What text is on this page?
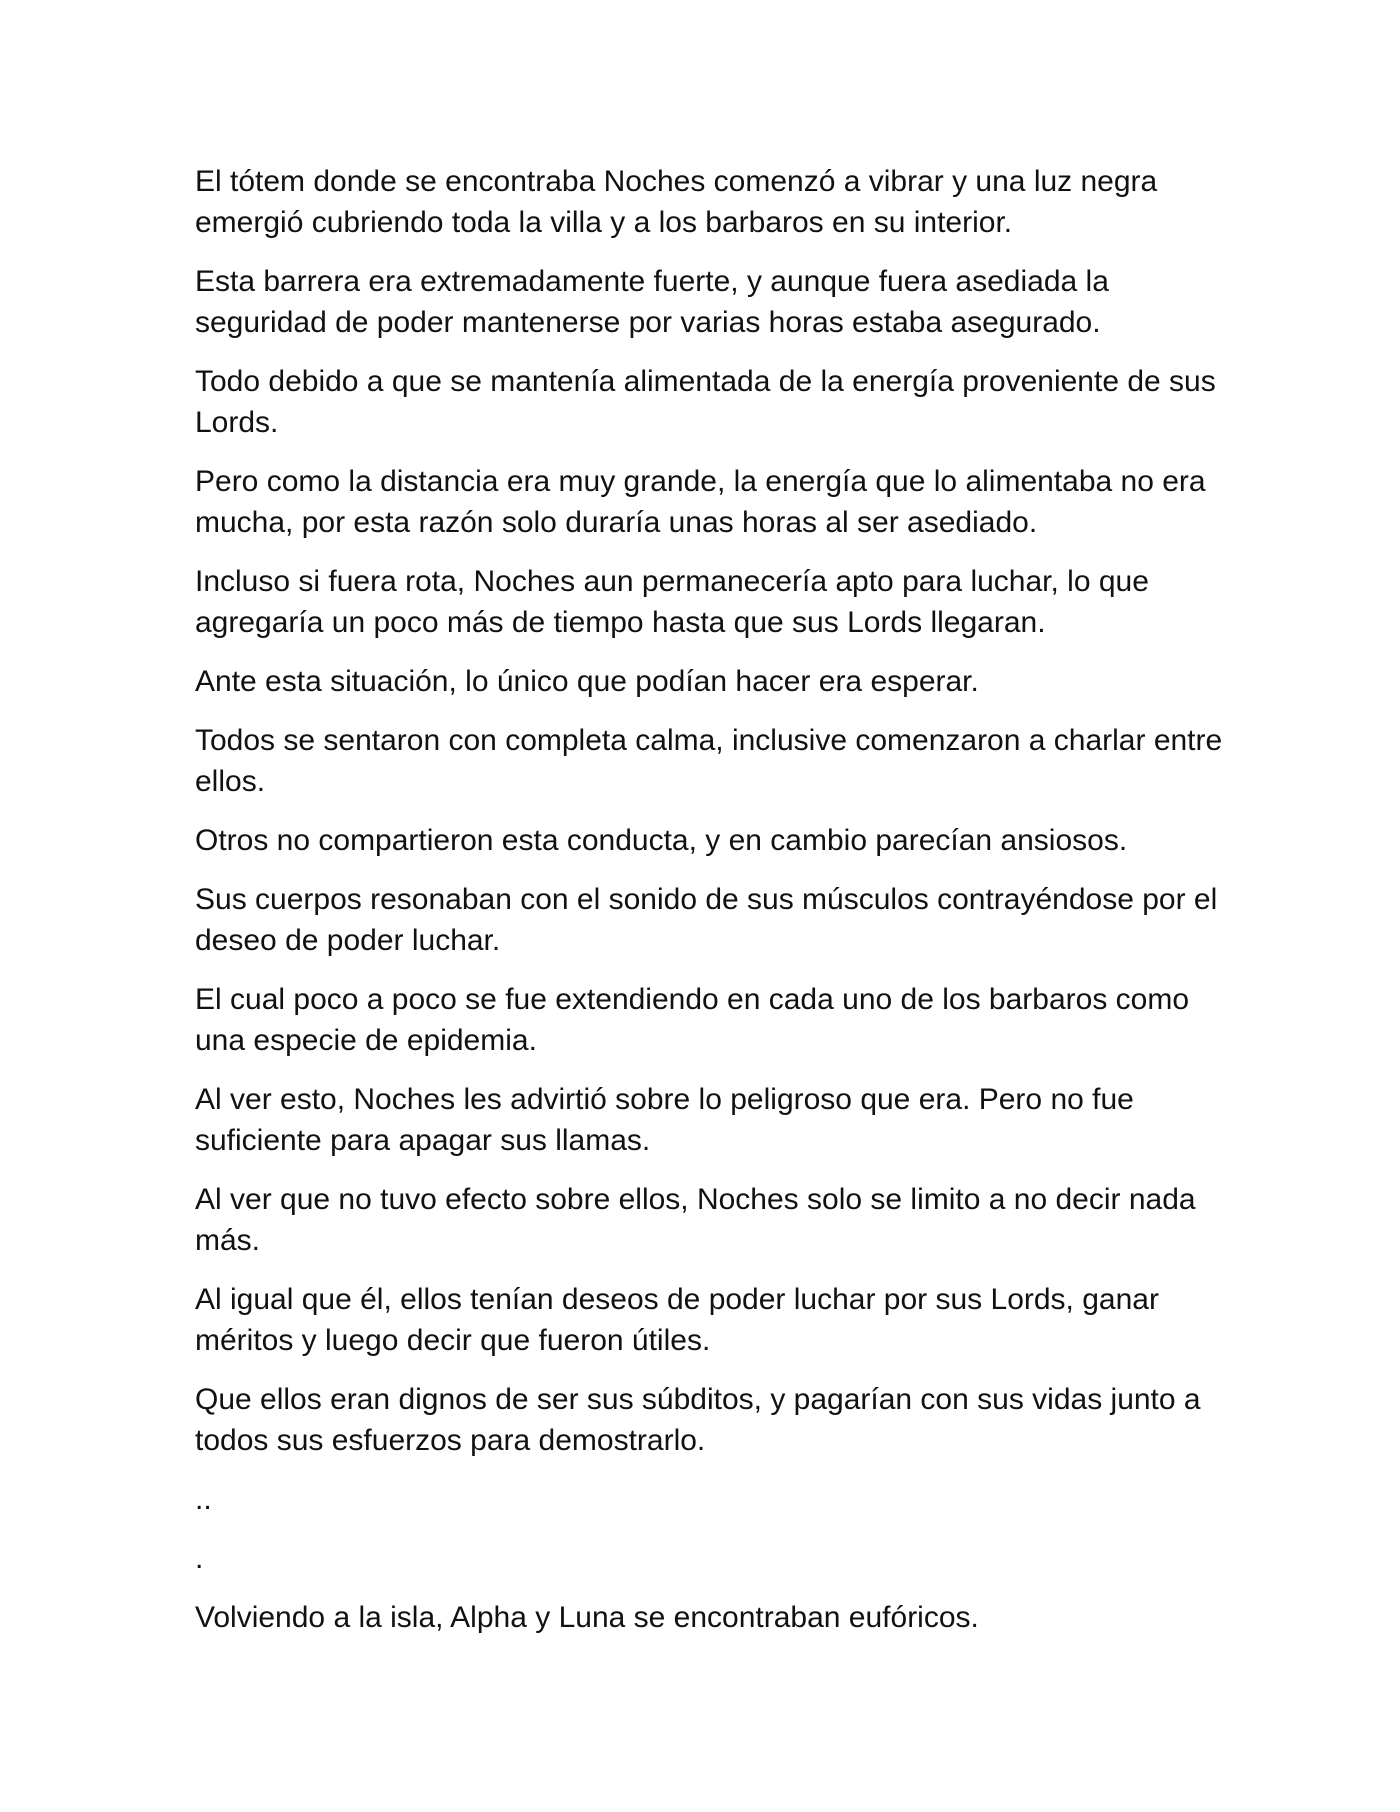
El tótem donde se encontraba Noches comenzó a vibrar y una luz negra emergió cubriendo toda la villa y a los barbaros en su interior.

Esta barrera era extremadamente fuerte, y aunque fuera asediada la seguridad de poder mantenerse por varias horas estaba asegurado.

Todo debido a que se mantenía alimentada de la energía proveniente de sus Lords.

Pero como la distancia era muy grande, la energía que lo alimentaba no era mucha, por esta razón solo duraría unas horas al ser asediado.

Incluso si fuera rota, Noches aun permanecería apto para luchar, lo que agregaría un poco más de tiempo hasta que sus Lords llegaran.

Ante esta situación, lo único que podían hacer era esperar.

Todos se sentaron con completa calma, inclusive comenzaron a charlar entre ellos.

Otros no compartieron esta conducta, y en cambio parecían ansiosos.

Sus cuerpos resonaban con el sonido de sus músculos contrayéndose por el deseo de poder luchar.

El cual poco a poco se fue extendiendo en cada uno de los barbaros como una especie de epidemia.

Al ver esto, Noches les advirtió sobre lo peligroso que era. Pero no fue suficiente para apagar sus llamas.

Al ver que no tuvo efecto sobre ellos, Noches solo se limito a no decir nada más.

Al igual que él, ellos tenían deseos de poder luchar por sus Lords, ganar méritos y luego decir que fueron útiles.

Que ellos eran dignos de ser sus súbditos, y pagarían con sus vidas junto a todos sus esfuerzos para demostrarlo.

..

.

Volviendo a la isla, Alpha y Luna se encontraban eufóricos.
